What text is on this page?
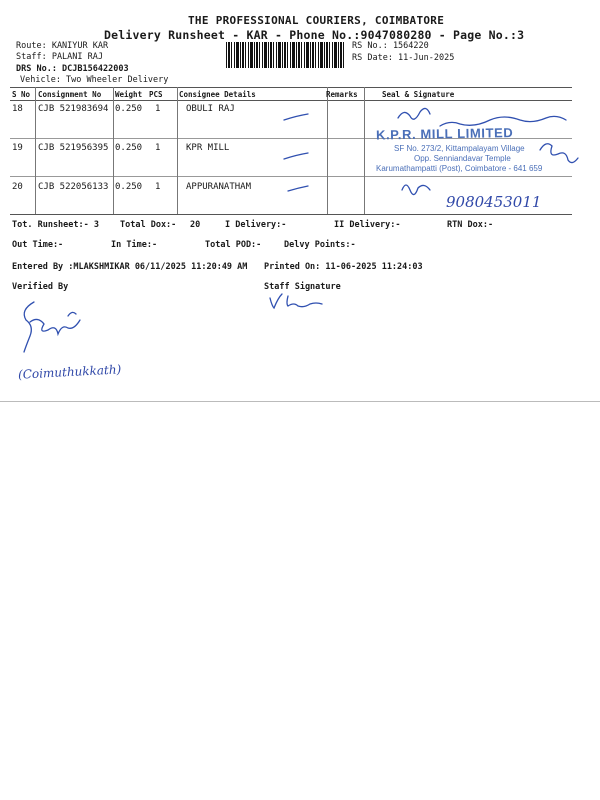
THE PROFESSIONAL COURIERS, COIMBATORE
Delivery Runsheet - KAR - Phone No.:9047080280 - Page No.:3
Route: KANIYUR KAR
Staff: PALANI RAJ
DRS No.: DCJB156422003
Vehicle: Two Wheeler Delivery
RS No.: 1564220
RS Date: 11-Jun-2025
S No Consignment No Weight PCS Consignee Details	Remarks	Seal & Signature
18 CJB 521983694 0.250 1	OBULI RAJ
19 CJB 521956395 0.250 1	KPR MILL
20 CJB 522056133 0.250 1	APPURANATHAM
K.P.R. MILL LIMITED
SF No. 273/2, Kittampalayam Village
Opp. Senniandavar Temple
Karumathampatti (Post), Coimbatore - 641 659
9080453011
Tot. Runsheet:- 3 Total Dox:- 20	I Delivery:-	II Delivery:-	RTN Dox:-
Out Time:-	In Time:-	Total POD:-	Delvy Points:-
Entered By :MLAKSHMIKAR 06/11/2025 11:20:49 AM Printed On: 11-06-2025 11:24:03
Verified By	Staff Signature
(Coimuthukkath)
